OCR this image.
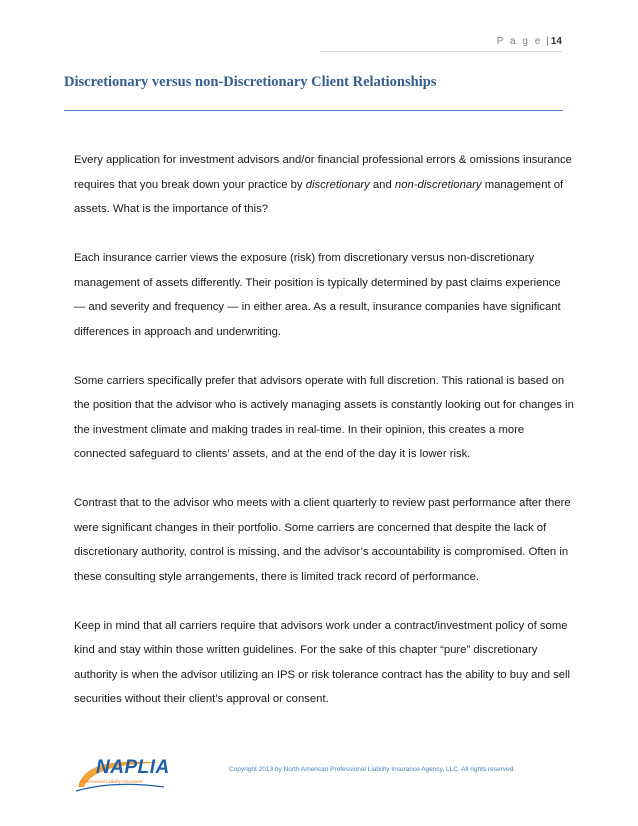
P a g e | 14
Discretionary versus non-Discretionary Client Relationships

Every application for investment advisors and/or financial professional errors & omissions insurance requires that you break down your practice by discretionary and non-discretionary management of assets. What is the importance of this?

Each insurance carrier views the exposure (risk) from discretionary versus non-discretionary management of assets differently. Their position is typically determined by past claims experience — and severity and frequency — in either area. As a result, insurance companies have significant differences in approach and underwriting.

Some carriers specifically prefer that advisors operate with full discretion. This rational is based on the position that the advisor who is actively managing assets is constantly looking out for changes in the investment climate and making trades in real-time. In their opinion, this creates a more connected safeguard to clients’ assets, and at the end of the day it is lower risk.

Contrast that to the advisor who meets with a client quarterly to review past performance after there were significant changes in their portfolio. Some carriers are concerned that despite the lack of discretionary authority, control is missing, and the advisor’s accountability is compromised. Often in these consulting style arrangements, there is limited track record of performance.

Keep in mind that all carriers require that advisors work under a contract/investment policy of some kind and stay within those written guidelines. For the sake of this chapter “pure” discretionary authority is when the advisor utilizing an IPS or risk tolerance contract has the ability to buy and sell securities without their client’s approval or consent.

NAPLIA
Professional Liability Insurance
Copyright 2013 by North American Professional Liability Insurance Agency, LLC. All rights reserved.
